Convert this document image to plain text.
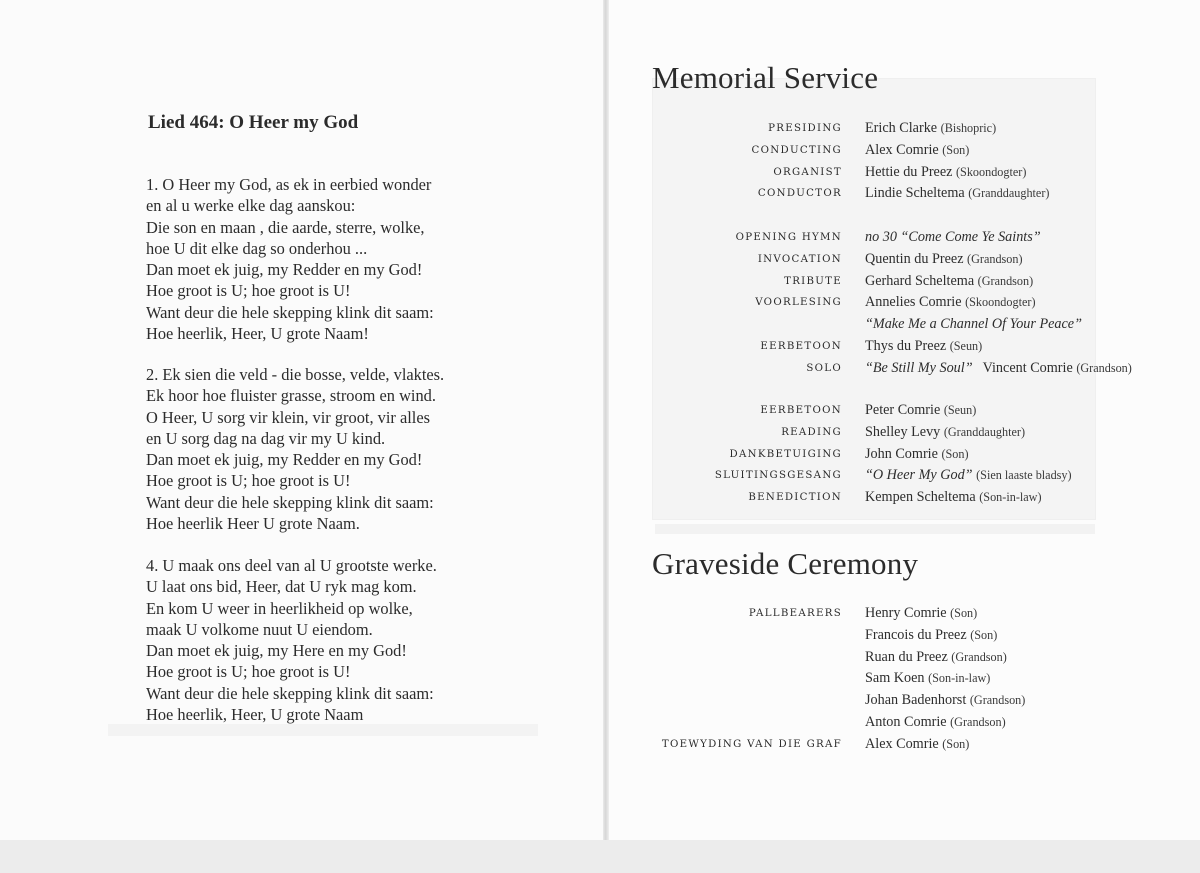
Lied 464: O Heer my God
1. O Heer my God, as ek in eerbied wonder
en al u werke elke dag aanskou:
Die son en maan , die aarde, sterre, wolke,
hoe U dit elke dag so onderhou ...
Dan moet ek juig, my Redder en my God!
Hoe groot is U; hoe groot is U!
Want deur die hele skepping klink dit saam:
Hoe heerlik, Heer, U grote Naam!
2. Ek sien die veld - die bosse, velde, vlaktes.
Ek hoor hoe fluister grasse, stroom en wind.
O Heer, U sorg vir klein, vir groot, vir alles
en U sorg dag na dag vir my U kind.
Dan moet ek juig, my Redder en my God!
Hoe groot is U; hoe groot is U!
Want deur die hele skepping klink dit saam:
Hoe heerlik Heer U grote Naam.
4. U maak ons deel van al U grootste werke.
U laat ons bid, Heer, dat U ryk mag kom.
En kom U weer in heerlikheid op wolke,
maak U volkome nuut U eiendom.
Dan moet ek juig, my Here en my God!
Hoe groot is U; hoe groot is U!
Want deur die hele skepping klink dit saam:
Hoe heerlik, Heer, U grote Naam
Memorial Service
PRESIDING Erich Clarke (Bishopric)
CONDUCTING Alex Comrie (Son)
ORGANIST Hettie du Preez (Skoondogter)
CONDUCTOR Lindie Scheltema (Granddaughter)
OPENING HYMN no 30 “Come Come Ye Saints”
INVOCATION Quentin du Preez (Grandson)
TRIBUTE Gerhard Scheltema (Grandson)
VOORLESING Annelies Comrie (Skoondogter)
“Make Me a Channel Of Your Peace”
EERBETOON Thys du Preez (Seun)
SOLO “Be Still My Soul” Vincent Comrie (Grandson)
EERBETOON Peter Comrie (Seun)
READING Shelley Levy (Granddaughter)
DANKBETUIGING John Comrie (Son)
SLUITINGSGESANG “O Heer My God” (Sien laaste bladsy)
BENEDICTION Kempen Scheltema (Son-in-law)
Graveside Ceremony
PALLBEARERS Henry Comrie (Son)
Francois du Preez (Son)
Ruan du Preez (Grandson)
Sam Koen (Son-in-law)
Johan Badenhorst (Grandson)
Anton Comrie (Grandson)
TOEWYDING VAN DIE GRAF Alex Comrie (Son)
